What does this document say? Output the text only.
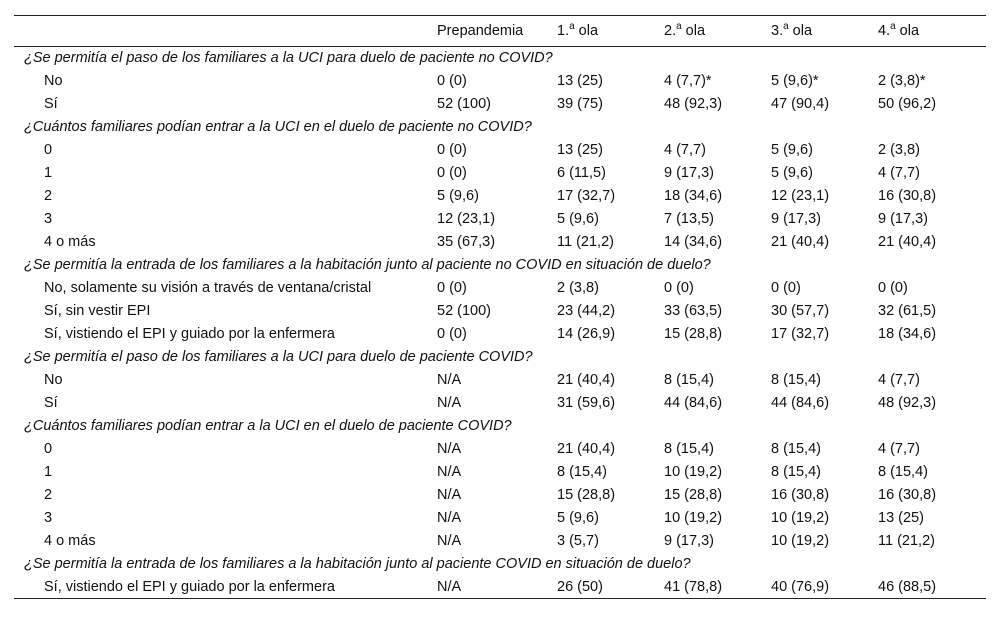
	Prepandemia	1.$^a$ ola	2.$^a$ ola	3.$^a$ ola	4.$^a$ ola
¿Se permitía el paso de los familiares a la UCI para duelo de paciente no COVID?					
No	0 (0)	13 (25)	4 (7,7)*	5 (9,6)*	2 (3,8)*
Sí	52 (100)	39 (75)	48 (92,3)	47 (90,4)	50 (96,2)
¿Cuántos familiares podían entrar a la UCI en el duelo de paciente no COVID?					
0	0 (0)	13 (25)	4 (7,7)	5 (9,6)	2 (3,8)
1	0 (0)	6 (11,5)	9 (17,3)	5 (9,6)	4 (7,7)
2	5 (9,6)	17 (32,7)	18 (34,6)	12 (23,1)	16 (30,8)
3	12 (23,1)	5 (9,6)	7 (13,5)	9 (17,3)	9 (17,3)
4 o más	35 (67,3)	11 (21,2)	14 (34,6)	21 (40,4)	21 (40,4)
¿Se permitía la entrada de los familiares a la habitación junto al paciente no COVID en situación de duelo?					
No, solamente su visión a través de ventana/cristal	0 (0)	2 (3,8)	0 (0)	0 (0)	0 (0)
Sí, sin vestir EPI	52 (100)	23 (44,2)	33 (63,5)	30 (57,7)	32 (61,5)
Sí, vistiendo el EPI y guiado por la enfermera	0 (0)	14 (26,9)	15 (28,8)	17 (32,7)	18 (34,6)
¿Se permitía el paso de los familiares a la UCI para duelo de paciente COVID?					
No	N/A	21 (40,4)	8 (15,4)	8 (15,4)	4 (7,7)
Sí	N/A	31 (59,6)	44 (84,6)	44 (84,6)	48 (92,3)
¿Cuántos familiares podían entrar a la UCI en el duelo de paciente COVID?					
0	N/A	21 (40,4)	8 (15,4)	8 (15,4)	4 (7,7)
1	N/A	8 (15,4)	10 (19,2)	8 (15,4)	8 (15,4)
2	N/A	15 (28,8)	15 (28,8)	16 (30,8)	16 (30,8)
3	N/A	5 (9,6)	10 (19,2)	10 (19,2)	13 (25)
4 o más	N/A	3 (5,7)	9 (17,3)	10 (19,2)	11 (21,2)
¿Se permitía la entrada de los familiares a la habitación junto al paciente COVID en situación de duelo?					
Sí, vistiendo el EPI y guiado por la enfermera	N/A	26 (50)	41 (78,8)	40 (76,9)	46 (88,5)
